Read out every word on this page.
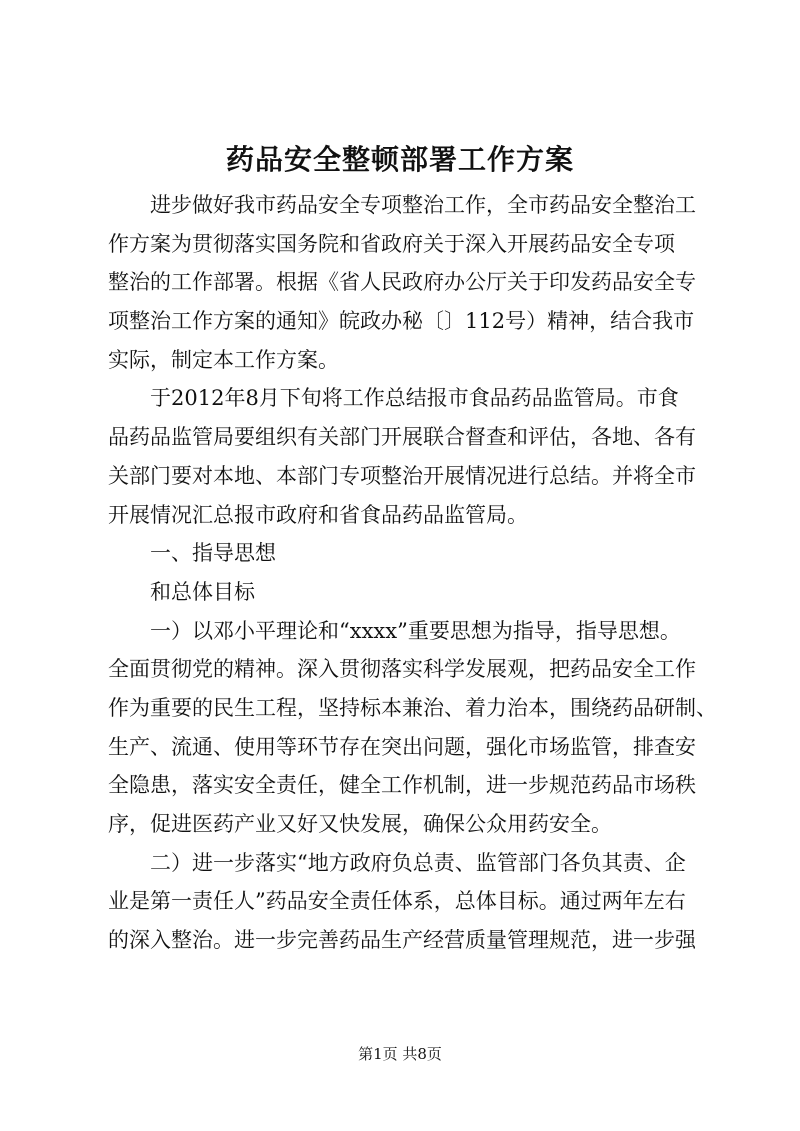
药品安全整顿部署工作方案
进步做好我市药品安全专项整治工作，全市药品安全整治工
作方案为贯彻落实国务院和省政府关于深入开展药品安全专项
整治的工作部署。根据《省人民政府办公厅关于印发药品安全专
项整治工作方案的通知》皖政办秘〔〕112号）精神，结合我市
实际，制定本工作方案。
于2012年8月下旬将工作总结报市食品药品监管局。市食
品药品监管局要组织有关部门开展联合督查和评估，各地、各有
关部门要对本地、本部门专项整治开展情况进行总结。并将全市
开展情况汇总报市政府和省食品药品监管局。
一、指导思想
和总体目标
一）以邓小平理论和“xxxx”重要思想为指导，指导思想。
全面贯彻党的精神。深入贯彻落实科学发展观，把药品安全工作
作为重要的民生工程，坚持标本兼治、着力治本，围绕药品研制、
生产、流通、使用等环节存在突出问题，强化市场监管，排查安
全隐患，落实安全责任，健全工作机制，进一步规范药品市场秩
序，促进医药产业又好又快发展，确保公众用药安全。
二）进一步落实“地方政府负总责、监管部门各负其责、企
业是第一责任人”药品安全责任体系，总体目标。通过两年左右
的深入整治。进一步完善药品生产经营质量管理规范，进一步强
第1页 共8页
